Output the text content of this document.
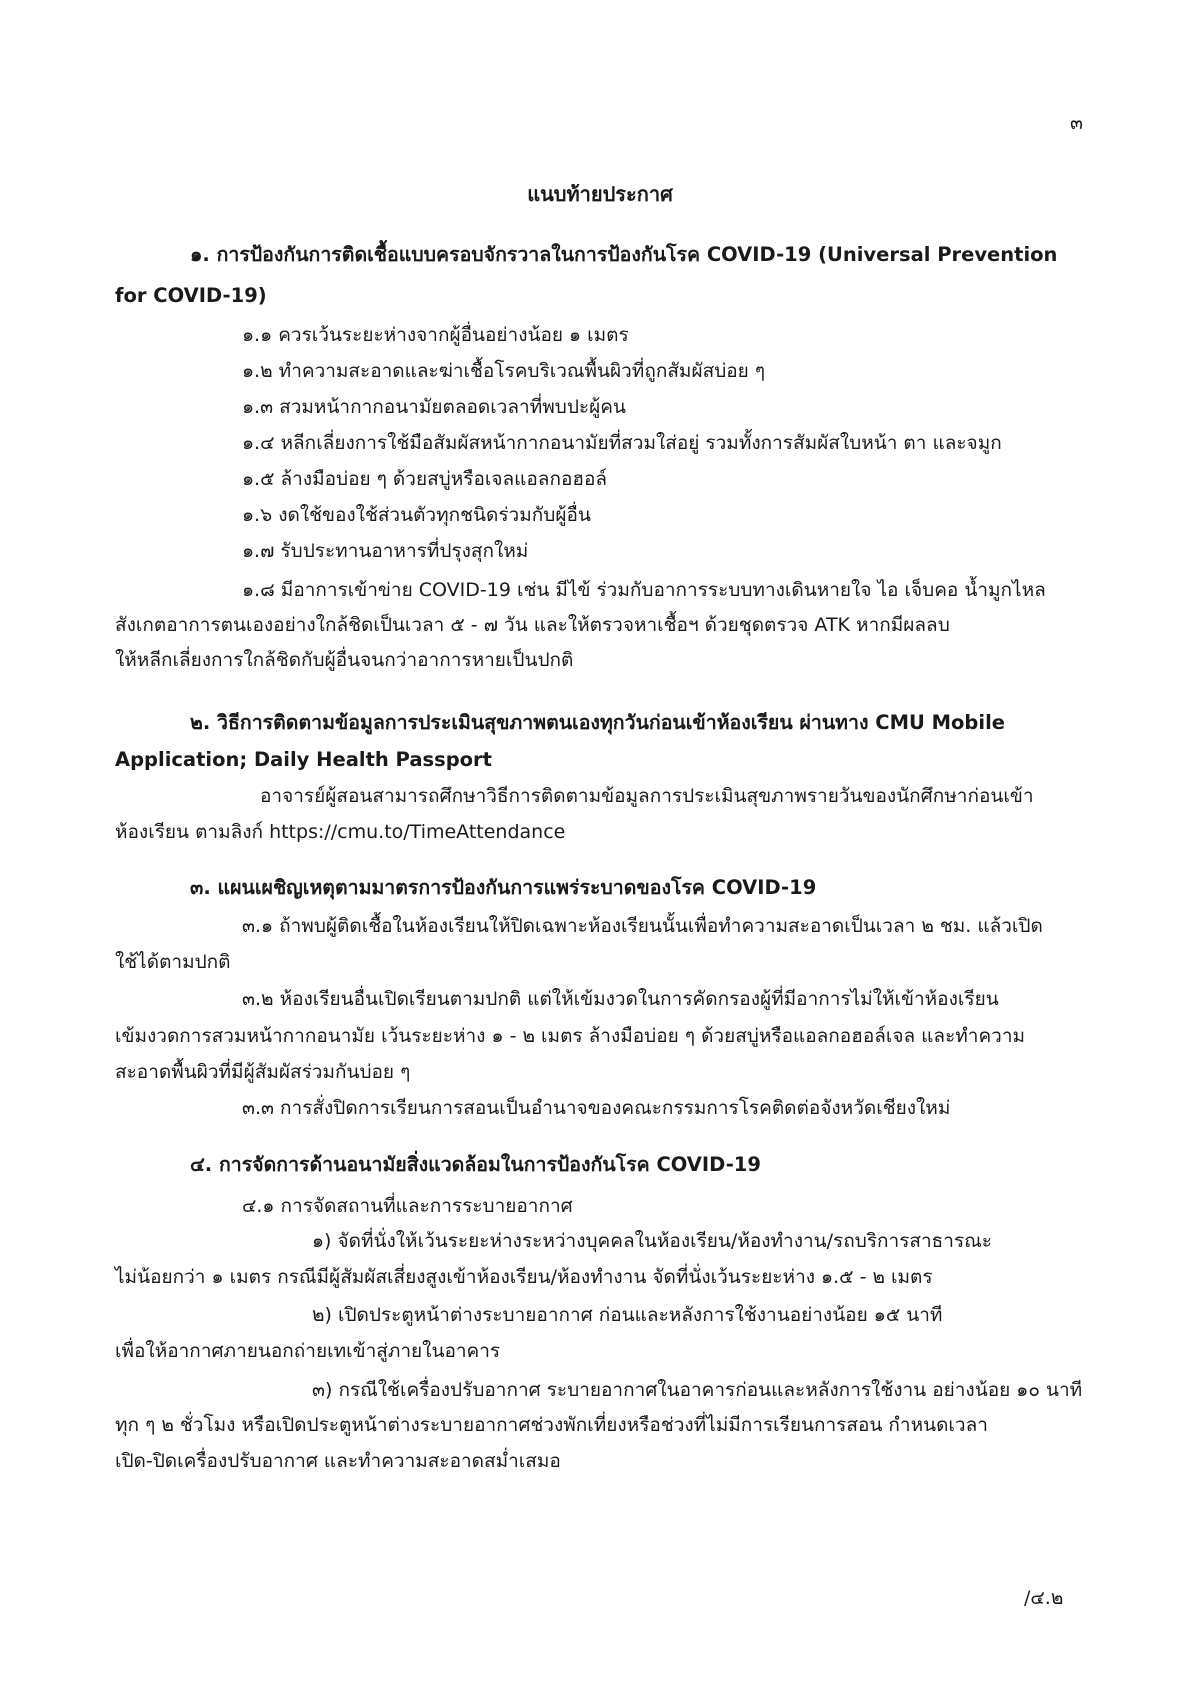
๓
แนบท้ายประกาศ
๑. การป้องกันการติดเชื้อแบบครอบจักรวาลในการป้องกันโรค COVID-19 (Universal Prevention
for COVID-19)
๑.๑ ควรเว้นระยะห่างจากผู้อื่นอย่างน้อย ๑ เมตร
๑.๒ ทำความสะอาดและฆ่าเชื้อโรคบริเวณพื้นผิวที่ถูกสัมผัสบ่อย ๆ
๑.๓ สวมหน้ากากอนามัยตลอดเวลาที่พบปะผู้คน
๑.๔ หลีกเลี่ยงการใช้มือสัมผัสหน้ากากอนามัยที่สวมใส่อยู่ รวมทั้งการสัมผัสใบหน้า ตา และจมูก
๑.๕ ล้างมือบ่อย ๆ ด้วยสบู่หรือเจลแอลกอฮอล์
๑.๖ งดใช้ของใช้ส่วนตัวทุกชนิดร่วมกับผู้อื่น
๑.๗ รับประทานอาหารที่ปรุงสุกใหม่
๑.๘ มีอาการเข้าข่าย COVID-19 เช่น มีไข้ ร่วมกับอาการระบบทางเดินหายใจ ไอ เจ็บคอ น้ำมูกไหล
สังเกตอาการตนเองอย่างใกล้ชิดเป็นเวลา ๕ - ๗ วัน และให้ตรวจหาเชื้อฯ ด้วยชุดตรวจ ATK หากมีผลลบ
ให้หลีกเลี่ยงการใกล้ชิดกับผู้อื่นจนกว่าอาการหายเป็นปกติ
๒. วิธีการติดตามข้อมูลการประเมินสุขภาพตนเองทุกวันก่อนเข้าห้องเรียน ผ่านทาง CMU Mobile
Application; Daily Health Passport
อาจารย์ผู้สอนสามารถศึกษาวิธีการติดตามข้อมูลการประเมินสุขภาพรายวันของนักศึกษาก่อนเข้า
ห้องเรียน ตามลิงก์ https://cmu.to/TimeAttendance
๓. แผนเผชิญเหตุตามมาตรการป้องกันการแพร่ระบาดของโรค COVID-19
๓.๑ ถ้าพบผู้ติดเชื้อในห้องเรียนให้ปิดเฉพาะห้องเรียนนั้นเพื่อทำความสะอาดเป็นเวลา ๒ ชม. แล้วเปิด
ใช้ได้ตามปกติ
๓.๒ ห้องเรียนอื่นเปิดเรียนตามปกติ แต่ให้เข้มงวดในการคัดกรองผู้ที่มีอาการไม่ให้เข้าห้องเรียน
เข้มงวดการสวมหน้ากากอนามัย เว้นระยะห่าง ๑ - ๒ เมตร ล้างมือบ่อย ๆ ด้วยสบู่หรือแอลกอฮอล์เจล และทำความ
สะอาดพื้นผิวที่มีผู้สัมผัสร่วมกันบ่อย ๆ
๓.๓ การสั่งปิดการเรียนการสอนเป็นอำนาจของคณะกรรมการโรคติดต่อจังหวัดเชียงใหม่
๔. การจัดการด้านอนามัยสิ่งแวดล้อมในการป้องกันโรค COVID-19
๔.๑ การจัดสถานที่และการระบายอากาศ
๑) จัดที่นั่งให้เว้นระยะห่างระหว่างบุคคลในห้องเรียน/ห้องทำงาน/รถบริการสาธารณะ
ไม่น้อยกว่า ๑ เมตร กรณีมีผู้สัมผัสเสี่ยงสูงเข้าห้องเรียน/ห้องทำงาน จัดที่นั่งเว้นระยะห่าง ๑.๕ - ๒ เมตร
๒) เปิดประตูหน้าต่างระบายอากาศ ก่อนและหลังการใช้งานอย่างน้อย ๑๕ นาที
เพื่อให้อากาศภายนอกถ่ายเทเข้าสู่ภายในอาคาร
๓) กรณีใช้เครื่องปรับอากาศ ระบายอากาศในอาคารก่อนและหลังการใช้งาน อย่างน้อย ๑๐ นาที
ทุก ๆ ๒ ชั่วโมง หรือเปิดประตูหน้าต่างระบายอากาศช่วงพักเที่ยงหรือช่วงที่ไม่มีการเรียนการสอน กำหนดเวลา
เปิด-ปิดเครื่องปรับอากาศ และทำความสะอาดสม่ำเสมอ
/๔.๒
